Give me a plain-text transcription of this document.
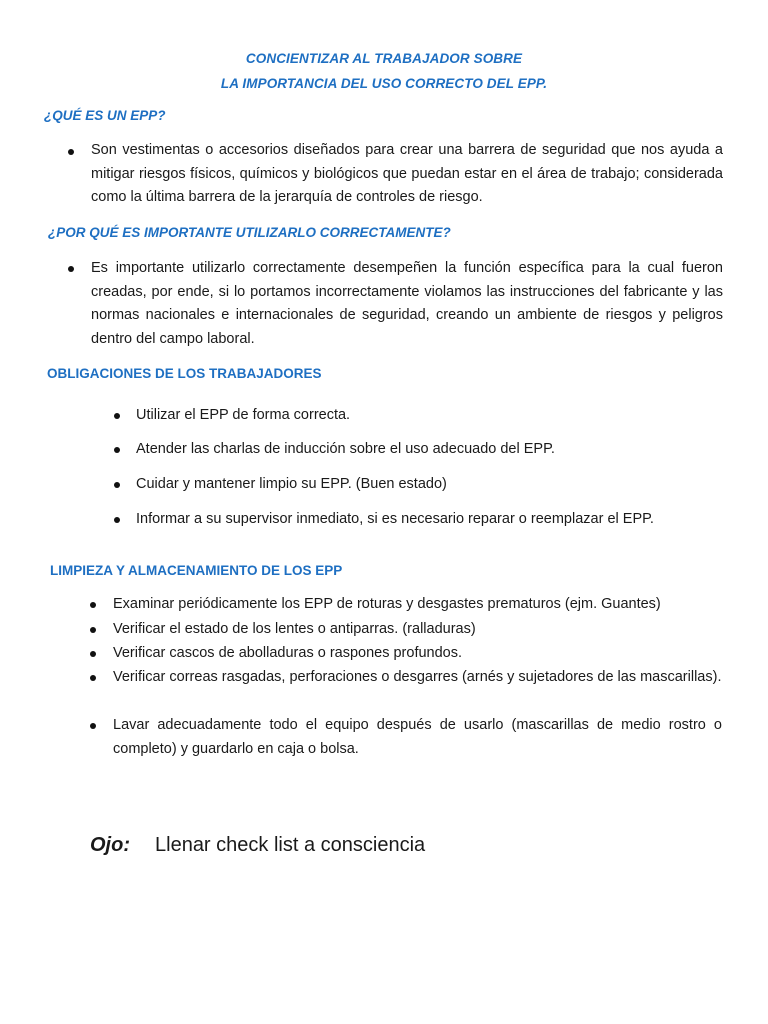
CONCIENTIZAR AL TRABAJADOR SOBRE
LA IMPORTANCIA DEL USO CORRECTO DEL EPP.
¿QUÉ ES UN EPP?
Son vestimentas o accesorios diseñados para crear una barrera de seguridad que nos ayuda a mitigar riesgos físicos, químicos y biológicos que puedan estar en el área de trabajo; considerada como la última barrera de la jerarquía de controles de riesgo.
¿POR QUÉ ES IMPORTANTE UTILIZARLO CORRECTAMENTE?
Es importante utilizarlo correctamente desempeñen la función específica para la cual fueron creadas, por ende, si lo portamos incorrectamente violamos las instrucciones del fabricante y las normas nacionales e internacionales de seguridad, creando un ambiente de riesgos y peligros dentro del campo laboral.
OBLIGACIONES DE LOS TRABAJADORES
Utilizar el EPP de forma correcta.
Atender las charlas de inducción sobre el uso adecuado del EPP.
Cuidar y mantener limpio su EPP. (Buen estado)
Informar a su supervisor inmediato, si es necesario reparar o reemplazar el EPP.
LIMPIEZA Y ALMACENAMIENTO DE LOS EPP
Examinar periódicamente los EPP de roturas y desgastes prematuros (ejm. Guantes)
Verificar el estado de los lentes o antiparras. (ralladuras)
Verificar cascos de abolladuras o raspones profundos.
Verificar correas rasgadas, perforaciones o desgarres (arnés y sujetadores de las mascarillas).
Lavar adecuadamente todo el equipo después de usarlo (mascarillas de medio rostro o completo) y guardarlo en caja o bolsa.
Ojo: Llenar check list a consciencia
